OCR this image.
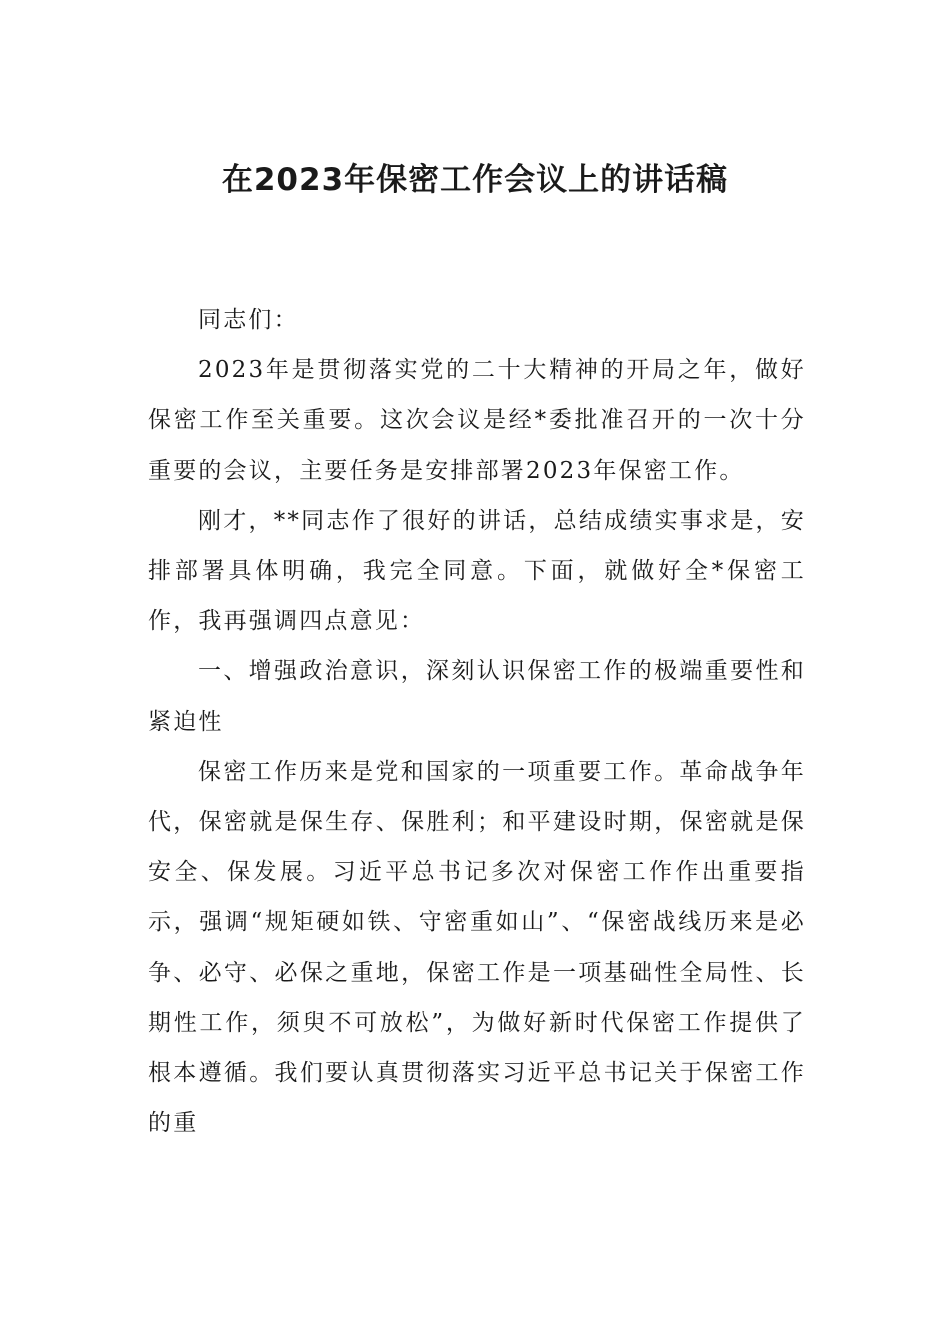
在2023年保密工作会议上的讲话稿

同志们：

2023年是贯彻落实党的二十大精神的开局之年，做好保密工作至关重要。这次会议是经*委批准召开的一次十分重要的会议，主要任务是安排部署2023年保密工作。

刚才，**同志作了很好的讲话，总结成绩实事求是，安排部署具体明确，我完全同意。下面，就做好全*保密工作，我再强调四点意见：

一、增强政治意识，深刻认识保密工作的极端重要性和紧迫性

保密工作历来是党和国家的一项重要工作。革命战争年代，保密就是保生存、保胜利；和平建设时期，保密就是保安全、保发展。习近平总书记多次对保密工作作出重要指示，强调“规矩硬如铁、守密重如山”、“保密战线历来是必争、必守、必保之重地，保密工作是一项基础性全局性、长期性工作，须臾不可放松”，为做好新时代保密工作提供了根本遵循。我们要认真贯彻落实习近平总书记关于保密工作的重
